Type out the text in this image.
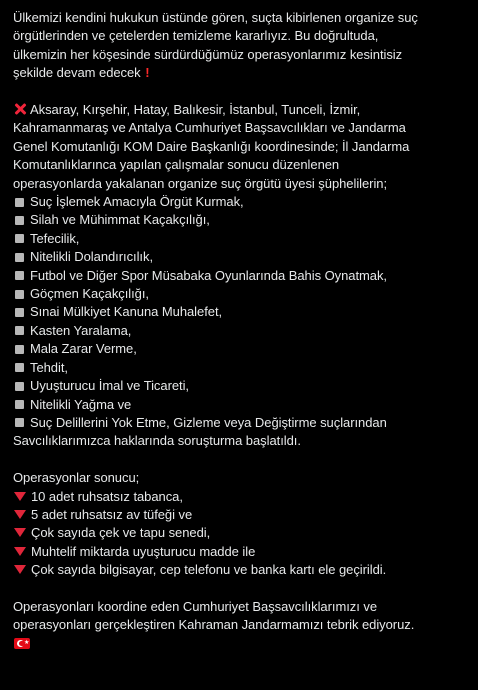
Ülkemizi kendini hukukun üstünde gören, suçta kibirlenen organize suç
örgütlerinden ve çetelerden temizleme kararlıyız. Bu doğrultuda,
ülkemizin her köşesinde sürdürdüğümüz operasyonlarımız kesintisiz
şekilde devam edecek !

Aksaray, Kırşehir, Hatay, Balıkesir, İstanbul, Tunceli, İzmir,
Kahramanmaraş ve Antalya Cumhuriyet Başsavcılıkları ve Jandarma
Genel Komutanlığı KOM Daire Başkanlığı koordinesinde; İl Jandarma
Komutanlıklarınca yapılan çalışmalar sonucu düzenlenen
operasyonlarda yakalanan organize suç örgütü üyesi şüphelilerin;

Suç İşlemek Amacıyla Örgüt Kurmak,
Silah ve Mühimmat Kaçakçılığı,
Tefecilik,
Nitelikli Dolandırıcılık,
Futbol ve Diğer Spor Müsabaka Oyunlarında Bahis Oynatmak,
Göçmen Kaçakçılığı,
Sınai Mülkiyet Kanuna Muhalefet,
Kasten Yaralama,
Mala Zarar Verme,
Tehdit,
Uyuşturucu İmal ve Ticareti,
Nitelikli Yağma ve
Suç Delillerini Yok Etme, Gizleme veya Değiştirme suçlarından
Savcılıklarımızca haklarında soruşturma başlatıldı.
Operasyonlar sonucu;
10 adet ruhsatsız tabanca,
5 adet ruhsatsız av tüfeği ve
Çok sayıda çek ve tapu senedi,
Muhtelif miktarda uyuşturucu madde ile
Çok sayıda bilgisayar, cep telefonu ve banka kartı ele geçirildi.

Operasyonları koordine eden Cumhuriyet Başsavcılıklarımızı ve
operasyonları gerçekleştiren Kahraman Jandarmamızı tebrik ediyoruz.
★
